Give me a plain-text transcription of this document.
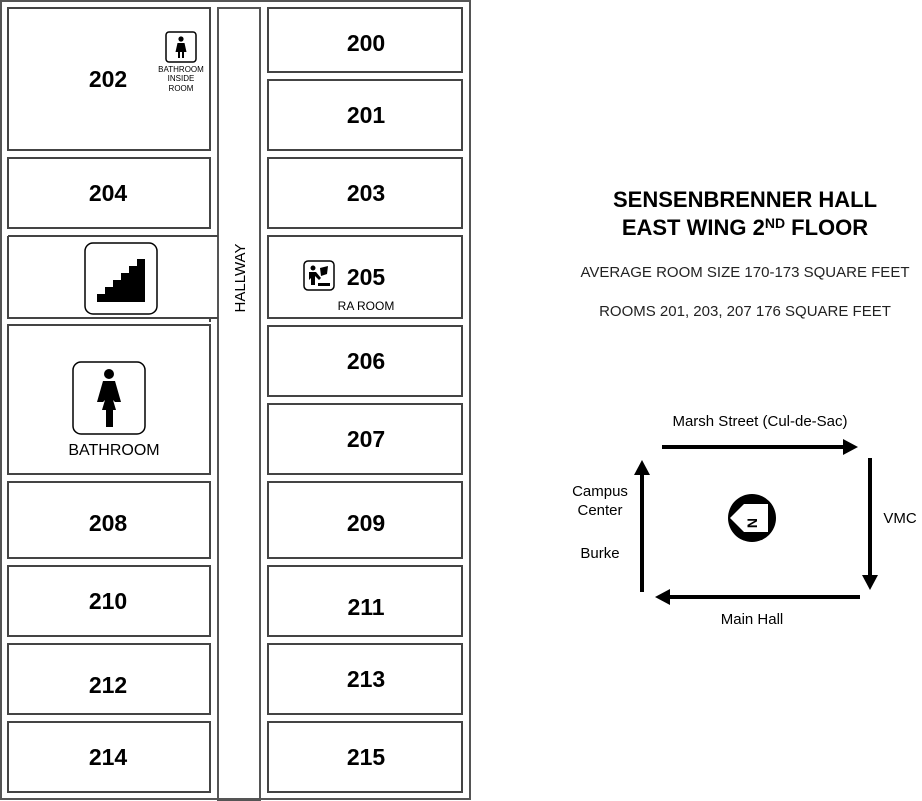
202
204
208
210
212
214
200
201
203
205
206
207
209
211
213
215
RA ROOM
HALLWAY
BATHROOM
INSIDE
ROOM
BATHROOM
N
SENSENBRENNER HALL
EAST WING 2ND FLOOR
AVERAGE ROOM SIZE 170-173 SQUARE FEET
ROOMS 201, 203, 207 176 SQUARE FEET
Marsh Street (Cul-de-Sac)
Campus
Center
Burke
VMC
Main Hall
